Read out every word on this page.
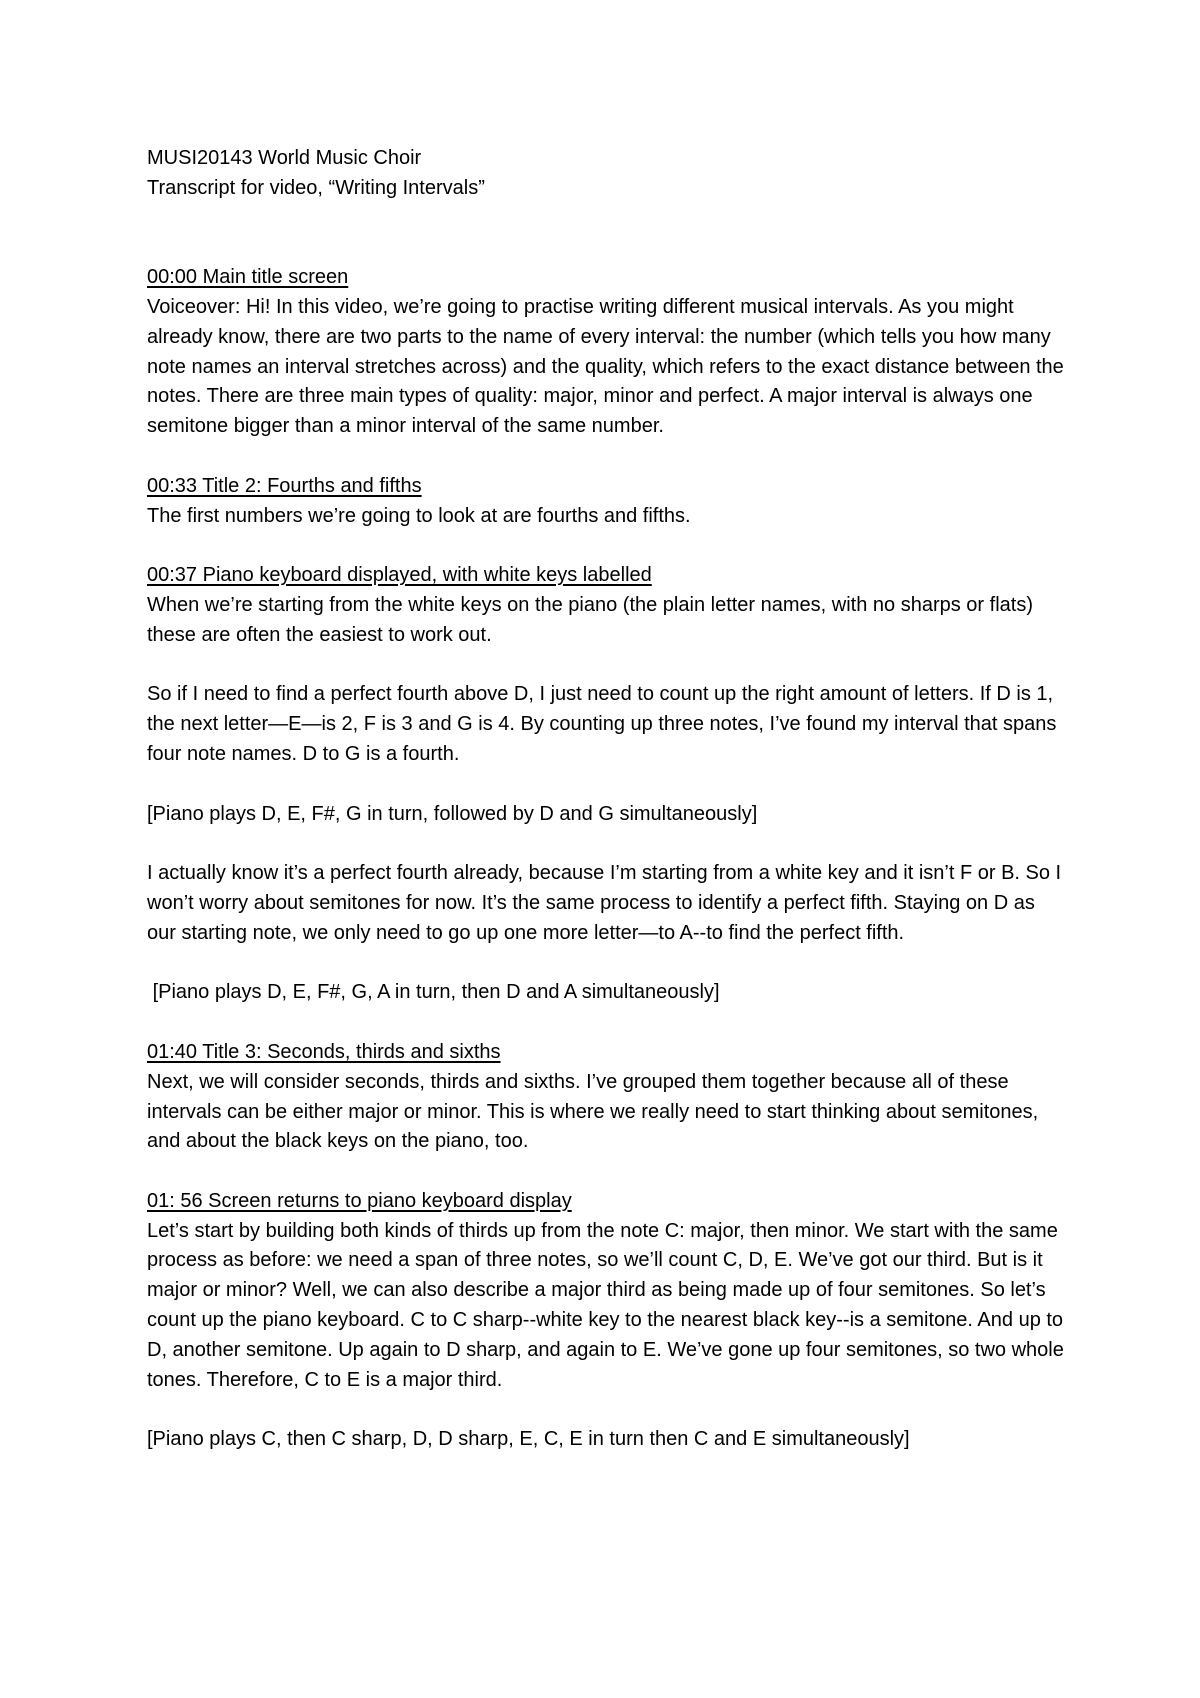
MUSI20143 World Music Choir

Transcript for video, “Writing Intervals”

00:00 Main title screen

Voiceover: Hi! In this video, we’re going to practise writing different musical intervals. As you might already know, there are two parts to the name of every interval: the number (which tells you how many note names an interval stretches across) and the quality, which refers to the exact distance between the notes. There are three main types of quality: major, minor and perfect. A major interval is always one semitone bigger than a minor interval of the same number.

00:33 Title 2: Fourths and fifths

The first numbers we’re going to look at are fourths and fifths.

00:37 Piano keyboard displayed, with white keys labelled

When we’re starting from the white keys on the piano (the plain letter names, with no sharps or flats) these are often the easiest to work out.

So if I need to find a perfect fourth above D, I just need to count up the right amount of letters. If D is 1, the next letter—E—is 2, F is 3 and G is 4. By counting up three notes, I’ve found my interval that spans four note names. D to G is a fourth.

[Piano plays D, E, F#, G in turn, followed by D and G simultaneously]

I actually know it’s a perfect fourth already, because I’m starting from a white key and it isn’t F or B. So I won’t worry about semitones for now. It’s the same process to identify a perfect fifth. Staying on D as our starting note, we only need to go up one more letter—to A--to find the perfect fifth.

[Piano plays D, E, F#, G, A in turn, then D and A simultaneously]

01:40 Title 3: Seconds, thirds and sixths

Next, we will consider seconds, thirds and sixths. I’ve grouped them together because all of these intervals can be either major or minor. This is where we really need to start thinking about semitones, and about the black keys on the piano, too.

01: 56 Screen returns to piano keyboard display

Let’s start by building both kinds of thirds up from the note C: major, then minor. We start with the same process as before: we need a span of three notes, so we’ll count C, D, E. We’ve got our third. But is it major or minor? Well, we can also describe a major third as being made up of four semitones. So let’s count up the piano keyboard. C to C sharp--white key to the nearest black key--is a semitone. And up to D, another semitone. Up again to D sharp, and again to E. We’ve gone up four semitones, so two whole tones. Therefore, C to E is a major third.

[Piano plays C, then C sharp, D, D sharp, E, C, E in turn then C and E simultaneously]
